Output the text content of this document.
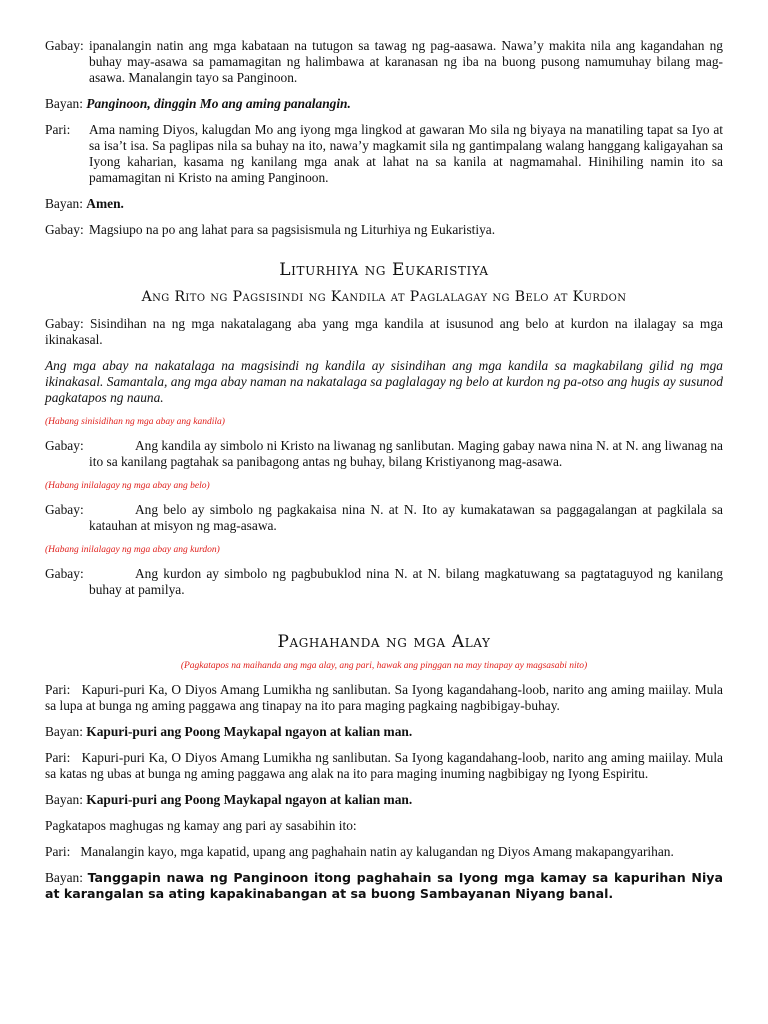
Gabay: ipanalangin natin ang mga kabataan na tutugon sa tawag ng pag-aasawa. Nawa’y makita nila ang kagandahan ng buhay may-asawa sa pamamagitan ng halimbawa at karanasan ng iba na buong pusong namumuhay bilang mag-asawa. Manalangin tayo sa Panginoon.

Bayan: Panginoon, dinggin Mo ang aming panalangin.

Pari:	Ama naming Diyos, kalugdan Mo ang iyong mga lingkod at gawaran Mo sila ng biyaya na manatiling tapat sa Iyo at sa isa’t isa. Sa paglipas nila sa buhay na ito, nawa’y magkamit sila ng gantimpalang walang hanggang kaligayahan sa Iyong kaharian, kasama ng kanilang mga anak at lahat na sa kanila at nagmamahal. Hinihiling namin ito sa pamamagitan ni Kristo na aming Panginoon.

Bayan: Amen.

Gabay: Magsiupo na po ang lahat para sa pagsisismula ng Liturhiya ng Eukaristiya.
Liturhiya ng Eukaristiya
Ang Rito ng Pagsisindi ng Kandila at Paglalagay ng Belo at Kurdon

Gabay: Sisindihan na ng mga nakatalagang aba yang mga kandila at isusunod ang belo at kurdon na ilalagay sa mga ikinakasal.

Ang mga abay na nakatalaga na magsisindi ng kandila ay sisindihan ang mga kandila sa magkabilang gilid ng mga ikinakasal. Samantala, ang mga abay naman na nakatalaga sa paglalagay ng belo at kurdon ng pa-otso ang hugis ay susunod pagkatapos ng nauna.

(Habang sinisidihan ng mga abay ang kandila)

Gabay:	Ang kandila ay simbolo ni Kristo na liwanag ng sanlibutan. Maging gabay nawa nina N. at N. ang liwanag na ito sa kanilang pagtahak sa panibagong antas ng buhay, bilang Kristiyanong mag-asawa.

(Habang inilalagay ng mga abay ang belo)

Gabay:	Ang belo ay simbolo ng pagkakaisa nina N. at N. Ito ay kumakatawan sa paggagalangan at pagkilala sa katauhan at misyon ng mag-asawa.

(Habang inilalagay ng mga abay ang kurdon)

Gabay:	Ang kurdon ay simbolo ng pagbubuklod nina N. at N. bilang magkatuwang sa pagtataguyod ng kanilang buhay at pamilya.

Paghahanda ng mga Alay

(Pagkatapos na maihanda ang mga alay, ang pari, hawak ang pinggan na may tinapay ay magsasabi nito)

Pari: Kapuri-puri Ka, O Diyos Amang Lumikha ng sanlibutan. Sa Iyong kagandahang-loob, narito ang aming maiilay. Mula sa lupa at bunga ng aming paggawa ang tinapay na ito para maging pagkaing nagbibigay-buhay.

Bayan: Kapuri-puri ang Poong Maykapal ngayon at kalian man.

Pari: Kapuri-puri Ka, O Diyos Amang Lumikha ng sanlibutan. Sa Iyong kagandahang-loob, narito ang aming maiilay. Mula sa katas ng ubas at bunga ng aming paggawa ang alak na ito para maging inuming nagbibigay ng Iyong Espiritu.

Bayan: Kapuri-puri ang Poong Maykapal ngayon at kalian man.

Pagkatapos maghugas ng kamay ang pari ay sasabihin ito:

Pari: Manalangin kayo, mga kapatid, upang ang paghahain natin ay kalugandan ng Diyos Amang makapangyarihan.

Bayan: Tanggapin nawa ng Panginoon itong paghahain sa Iyong mga kamay sa kapurihan Niya at karangalan sa ating kapakinabangan at sa buong Sambayanan Niyang banal.
